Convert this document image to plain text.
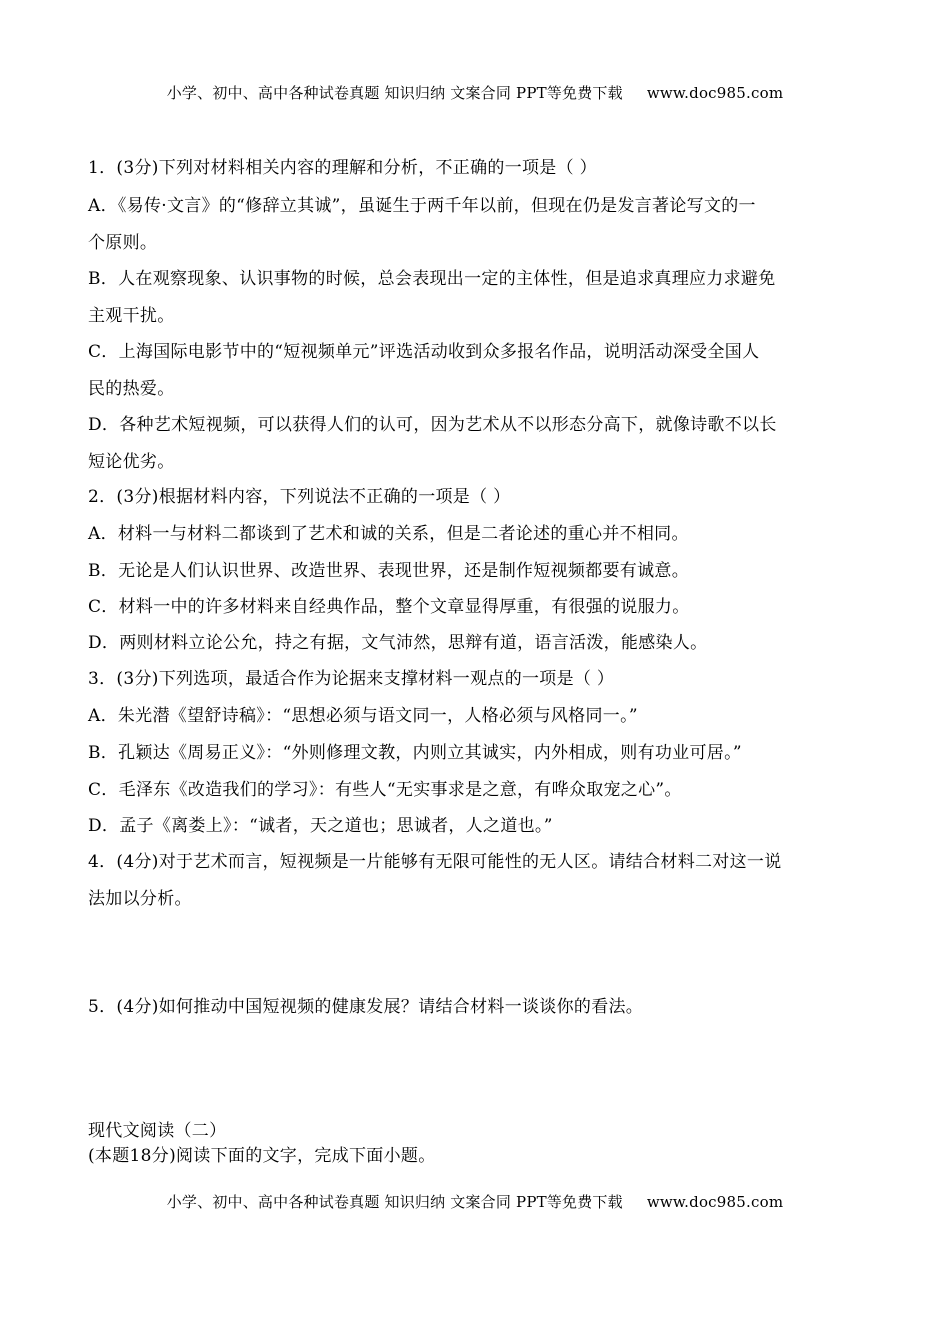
小学、初中、高中各种试卷真题 知识归纳 文案合同 PPT等免费下载 www.doc985.com
1．(3分)下列对材料相关内容的理解和分析，不正确的一项是（ ）
A．《易传·文言》的“修辞立其诚”，虽诞生于两千年以前，但现在仍是发言著论写文的一
个原则。
B．人在观察现象、认识事物的时候，总会表现出一定的主体性，但是追求真理应力求避免
主观干扰。
C．上海国际电影节中的“短视频单元”评选活动收到众多报名作品，说明活动深受全国人
民的热爱。
D．各种艺术短视频，可以获得人们的认可，因为艺术从不以形态分高下，就像诗歌不以长
短论优劣。
2．(3分)根据材料内容，下列说法不正确的一项是（ ）
A．材料一与材料二都谈到了艺术和诚的关系，但是二者论述的重心并不相同。
B．无论是人们认识世界、改造世界、表现世界，还是制作短视频都要有诚意。
C．材料一中的许多材料来自经典作品，整个文章显得厚重，有很强的说服力。
D．两则材料立论公允，持之有据，文气沛然，思辩有道，语言活泼，能感染人。
3．(3分)下列选项，最适合作为论据来支撑材料一观点的一项是（ ）
A．朱光潜《望舒诗稿》：“思想必须与语文同一，人格必须与风格同一。”
B．孔颖达《周易正义》：“外则修理文教，内则立其诚实，内外相成，则有功业可居。”
C．毛泽东《改造我们的学习》：有些人“无实事求是之意，有哗众取宠之心”。
D．孟子《离娄上》：“诚者，天之道也；思诚者，人之道也。”
4．(4分)对于艺术而言，短视频是一片能够有无限可能性的无人区。请结合材料二对这一说
法加以分析。
5．(4分)如何推动中国短视频的健康发展？请结合材料一谈谈你的看法。
现代文阅读（二）
(本题18分)阅读下面的文字，完成下面小题。
小学、初中、高中各种试卷真题 知识归纳 文案合同 PPT等免费下载 www.doc985.com
